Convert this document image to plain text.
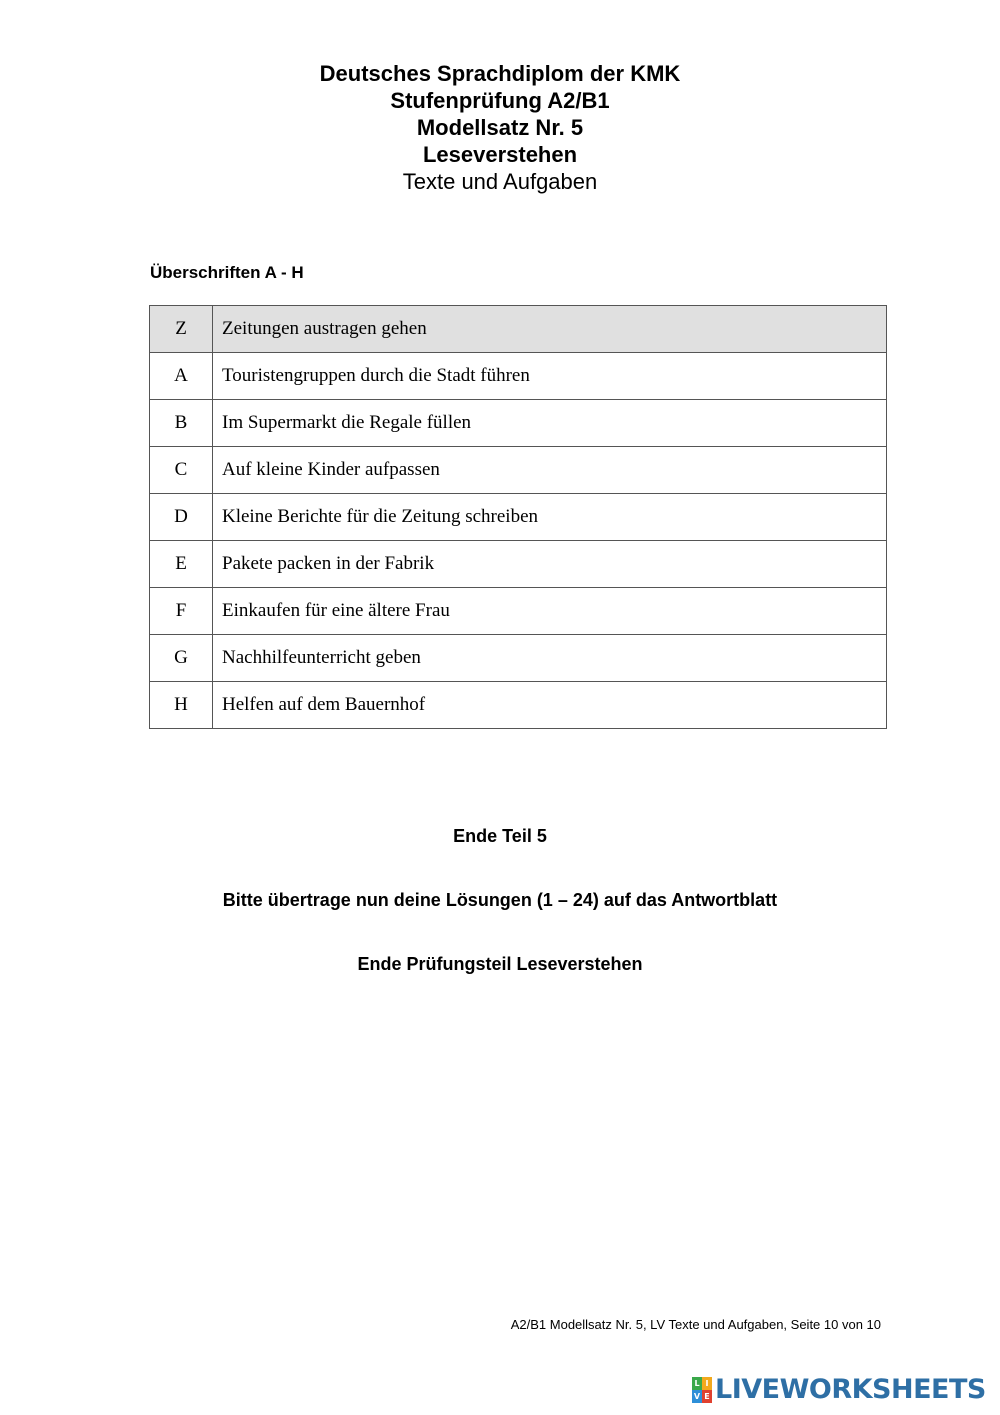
Deutsches Sprachdiplom der KMK
Stufenprüfung A2/B1
Modellsatz Nr. 5
Leseverstehen
Texte und Aufgaben
Überschriften A - H
Z	Zeitungen austragen gehen
A	Touristengruppen durch die Stadt führen
B	Im Supermarkt die Regale füllen
C	Auf kleine Kinder aufpassen
D	Kleine Berichte für die Zeitung schreiben
E	Pakete packen in der Fabrik
F	Einkaufen für eine ältere Frau
G	Nachhilfeunterricht geben
H	Helfen auf dem Bauernhof
Ende Teil 5
Bitte übertrage nun deine Lösungen (1 – 24) auf das Antwortblatt
Ende Prüfungsteil Leseverstehen
A2/B1 Modellsatz Nr. 5, LV Texte und Aufgaben, Seite 10 von 10
L I
V E LIVEWORKSHEETS
